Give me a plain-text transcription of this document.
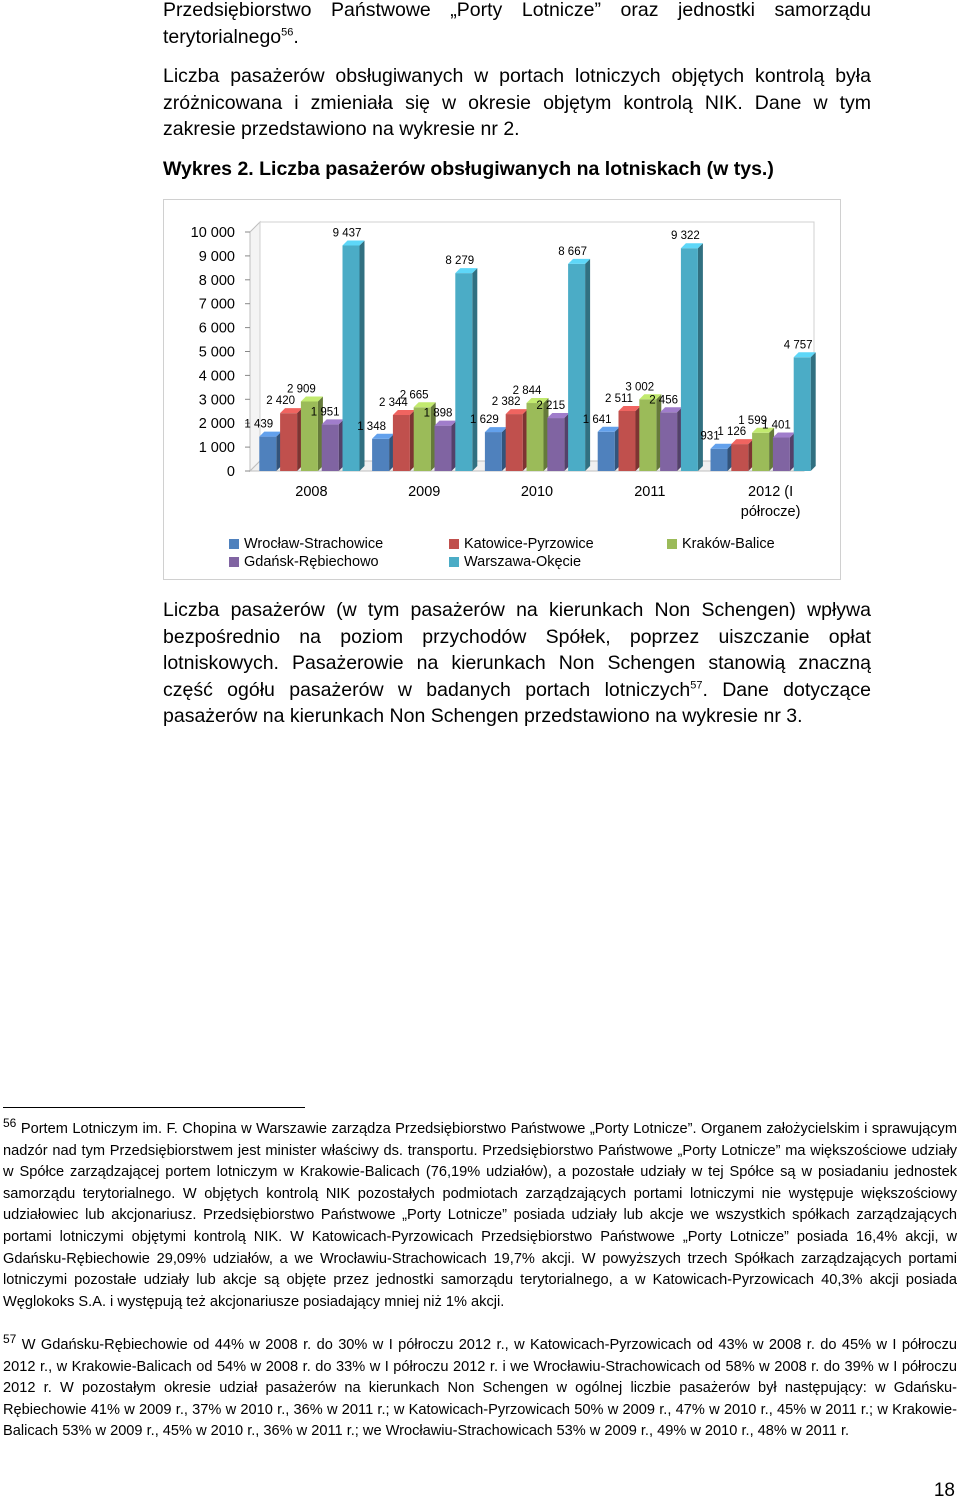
Przedsiębiorstwo Państwowe „Porty Lotnicze” oraz jednostki samorządu terytorialnego$^{56}$.

Liczba pasażerów obsługiwanych w portach lotniczych objętych kontrolą była zróżnicowana i zmieniała się w okresie objętym kontrolą NIK. Dane w tym zakresie przedstawiono na wykresie nr 2.

Wykres 2. Liczba pasażerów obsługiwanych na lotniskach (w tys.)

0
1 000
2 000
3 000
4 000
5 000
6 000
7 000
8 000
9 000
10 000
1 439
2 420
2 909
1 951
9 437
1 348
2 344
2 665
1 898
8 279
1 629
2 382
2 844
2 215
8 667
1 641
2 511
3 002
2 456
9 322
931
1 126
1 599
1 401
4 757
2008	2009	2010	2011	2012 (I
półrocze)
Wrocław-Strachowice	Katowice-Pyrzowice	Kraków-Balice
Gdańsk-Rębiechowo	Warszawa-Okęcie

Liczba pasażerów (w tym pasażerów na kierunkach Non Schengen) wpływa bezpośrednio na poziom przychodów Spółek, poprzez uiszczanie opłat lotniskowych. Pasażerowie na kierunkach Non Schengen stanowią znaczną część ogółu pasażerów w badanych portach lotniczych$^{57}$. Dane dotyczące pasażerów na kierunkach Non Schengen przedstawiono na wykresie nr 3.

$^{56}$ Portem Lotniczym im. F. Chopina w Warszawie zarządza Przedsiębiorstwo Państwowe „Porty Lotnicze”. Organem założycielskim i sprawującym nadzór nad tym Przedsiębiorstwem jest minister właściwy ds. transportu. Przedsiębiorstwo Państwowe „Porty Lotnicze” ma większościowe udziały w Spółce zarządzającej portem lotniczym w Krakowie-Balicach (76,19% udziałów), a pozostałe udziały w tej Spółce są w posiadaniu jednostek samorządu terytorialnego. W objętych kontrolą NIK pozostałych podmiotach zarządzających portami lotniczymi nie występuje większościowy udziałowiec lub akcjonariusz. Przedsiębiorstwo Państwowe „Porty Lotnicze” posiada udziały lub akcje we wszystkich spółkach zarządzających portami lotniczymi objętymi kontrolą NIK. W Katowicach-Pyrzowicach Przedsiębiorstwo Państwowe „Porty Lotnicze” posiada 16,4% akcji, w Gdańsku-Rębiechowie 29,09% udziałów, a we Wrocławiu-Strachowicach 19,7% akcji. W powyższych trzech Spółkach zarządzających portami lotniczymi pozostałe udziały lub akcje są objęte przez jednostki samorządu terytorialnego, a w Katowicach-Pyrzowicach 40,3% akcji posiada Węglokoks S.A. i występują też akcjonariusze posiadający mniej niż 1% akcji.

$^{57}$ W Gdańsku-Rębiechowie od 44% w 2008 r. do 30% w I półroczu 2012 r., w Katowicach-Pyrzowicach od 43% w 2008 r. do 45% w I półroczu 2012 r., w Krakowie-Balicach od 54% w 2008 r. do 33% w I półroczu 2012 r. i we Wrocławiu-Strachowicach od 58% w 2008 r. do 39% w I półroczu 2012 r. W pozostałym okresie udział pasażerów na kierunkach Non Schengen w ogólnej liczbie pasażerów był następujący: w Gdańsku-Rębiechowie 41% w 2009 r., 37% w 2010 r., 36% w 2011 r.; w Katowicach-Pyrzowicach 50% w 2009 r., 47% w 2010 r., 45% w 2011 r.; w Krakowie-Balicach 53% w 2009 r., 45% w 2010 r., 36% w 2011 r.; we Wrocławiu-Strachowicach 53% w 2009 r., 49% w 2010 r., 48% w 2011 r.

18
